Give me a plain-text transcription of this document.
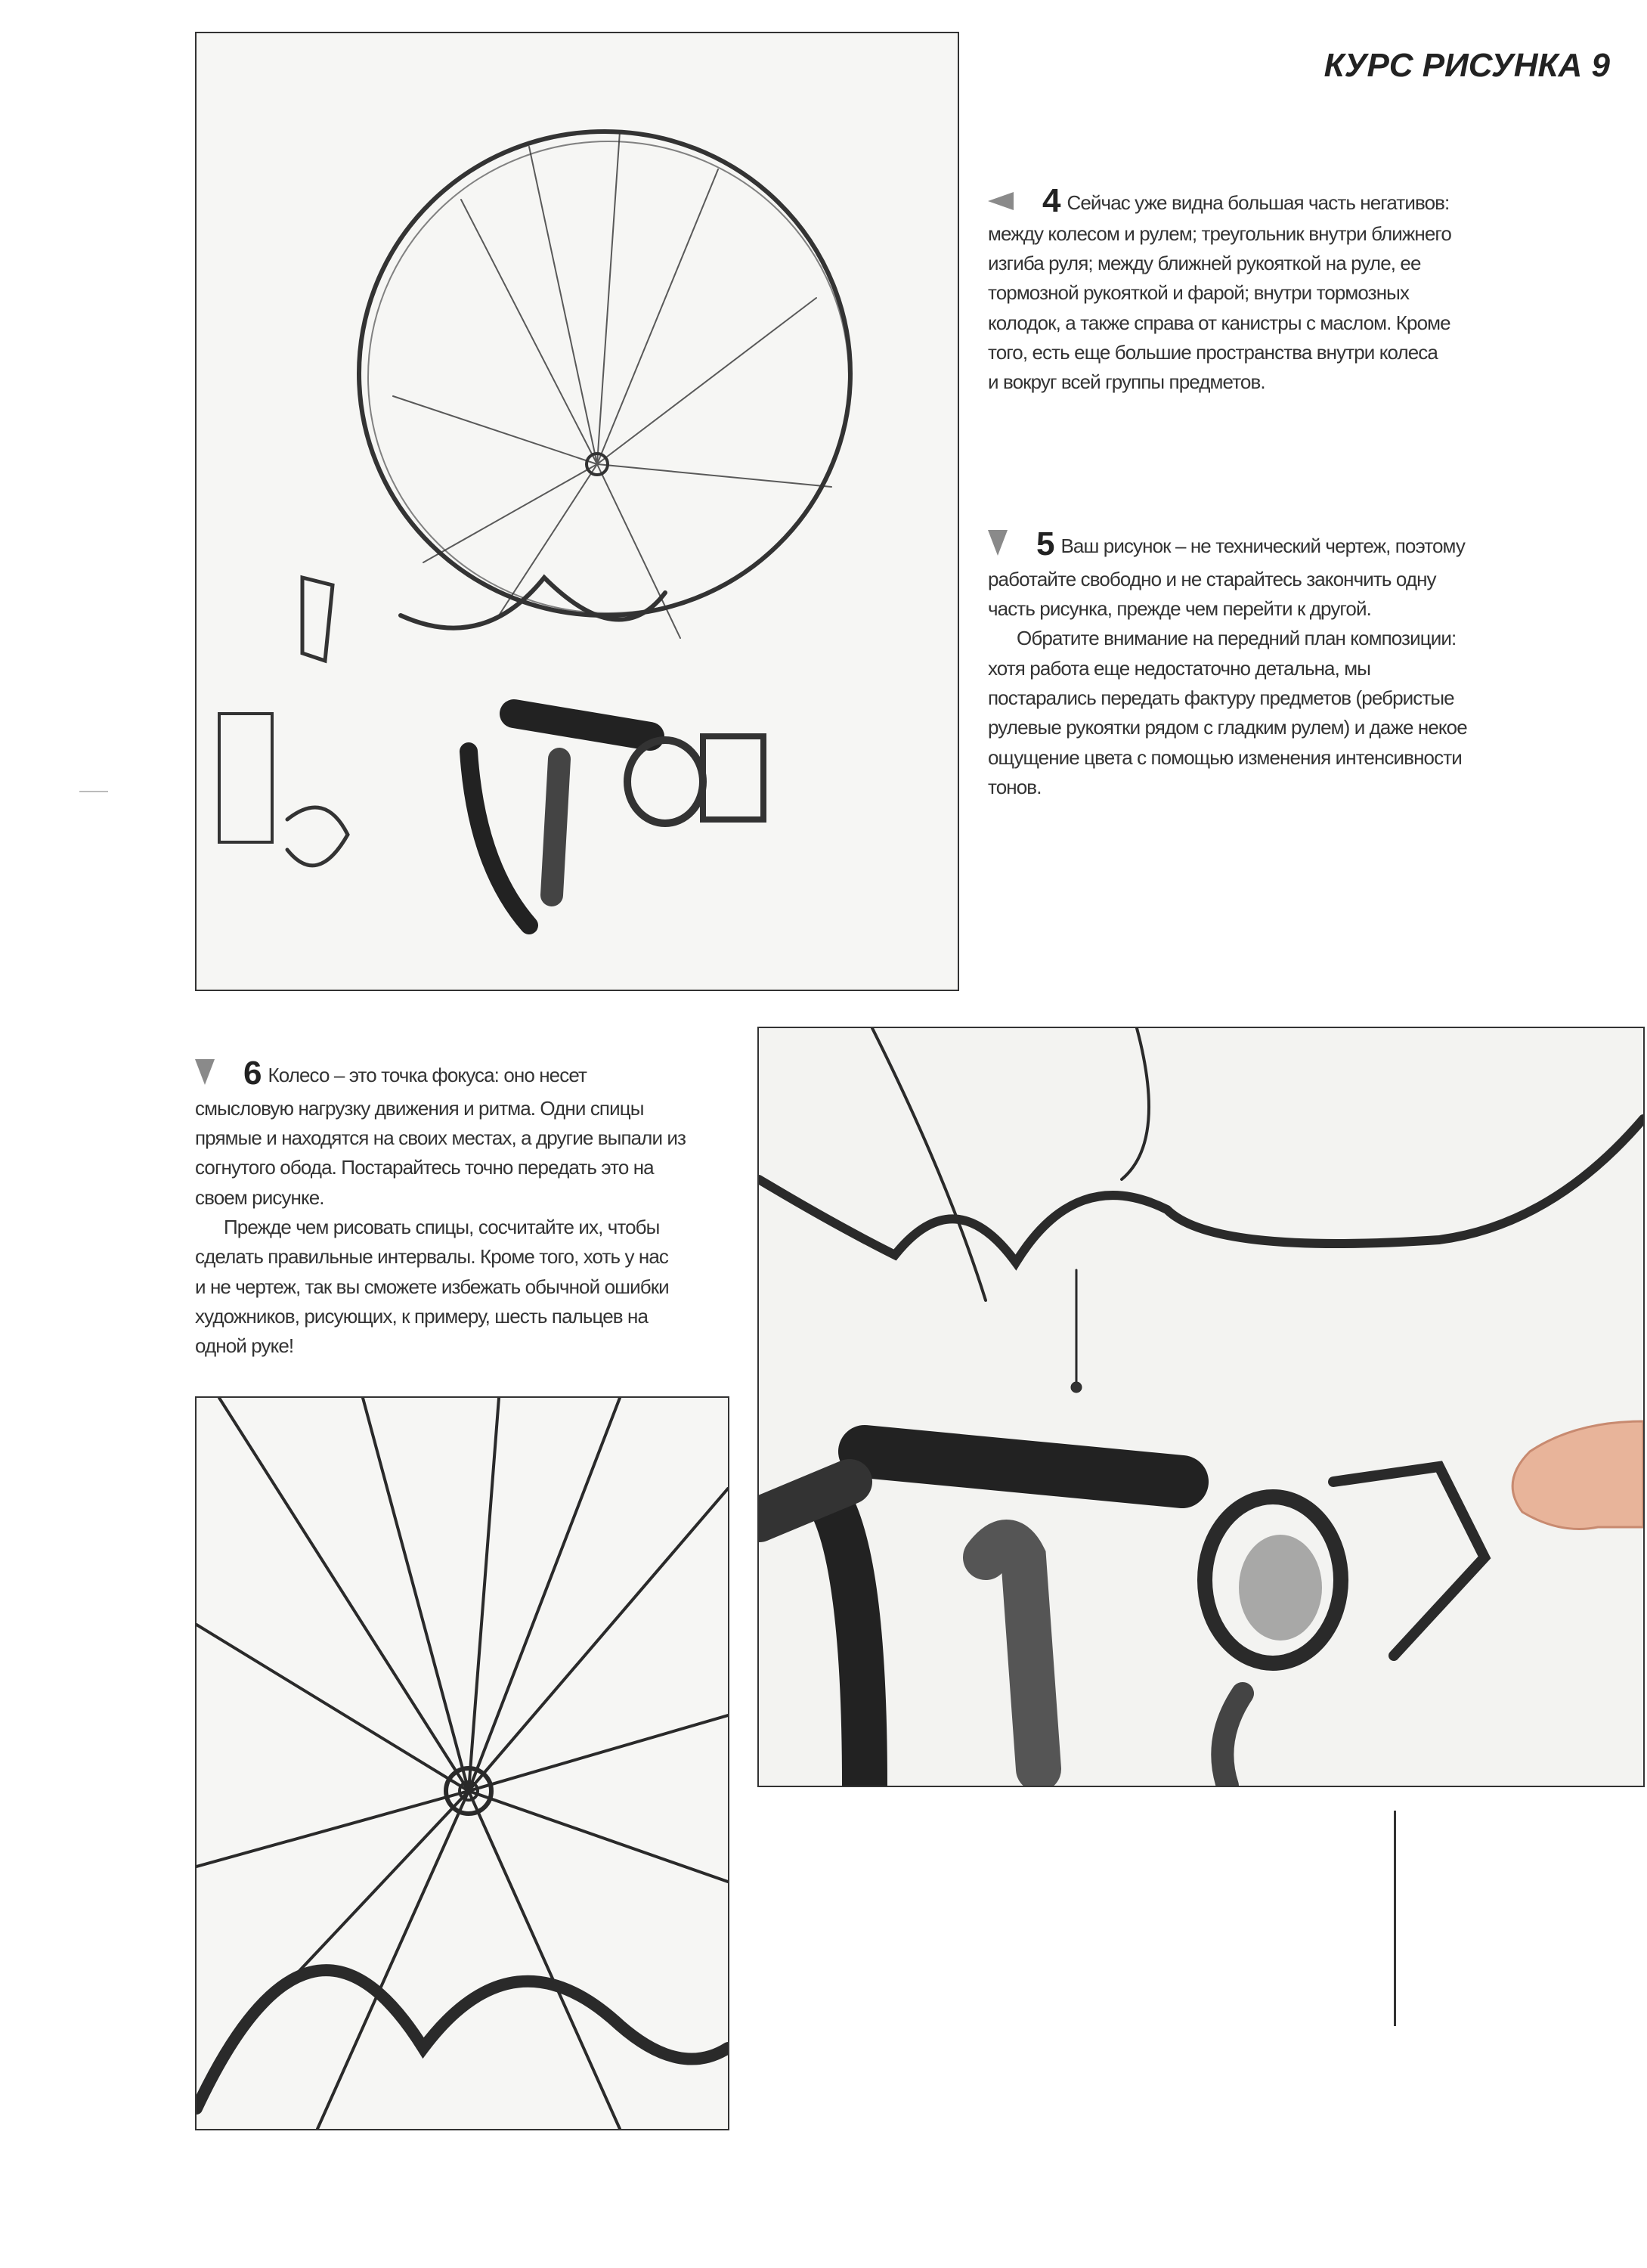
КУРС РИСУНКА 9
4 Сейчас уже видна большая часть негативов:
между колесом и рулем; треугольник внутри ближнего
изгиба руля; между ближней рукояткой на руле, ее
тормозной рукояткой и фарой; внутри тормозных
колодок, а также справа от канистры с маслом. Кроме
того, есть еще большие пространства внутри колеса
и вокруг всей группы предметов.
5 Ваш рисунок – не технический чертеж, поэтому
работайте свободно и не старайтесь закончить одну
часть рисунка, прежде чем перейти к другой.
Обратите внимание на передний план композиции:
хотя работа еще недостаточно детальна, мы
постарались передать фактуру предметов (ребристые
рулевые рукоятки рядом с гладким рулем) и даже некое
ощущение цвета с помощью изменения интенсивности
тонов.
6 Колесо – это точка фокуса: оно несет
смысловую нагрузку движения и ритма. Одни спицы
прямые и находятся на своих местах, а другие выпали из
согнутого обода. Постарайтесь точно передать это на
своем рисунке.
Прежде чем рисовать спицы, сосчитайте их, чтобы
сделать правильные интервалы. Кроме того, хоть у нас
и не чертеж, так вы сможете избежать обычной ошибки
художников, рисующих, к примеру, шесть пальцев на
одной руке!
